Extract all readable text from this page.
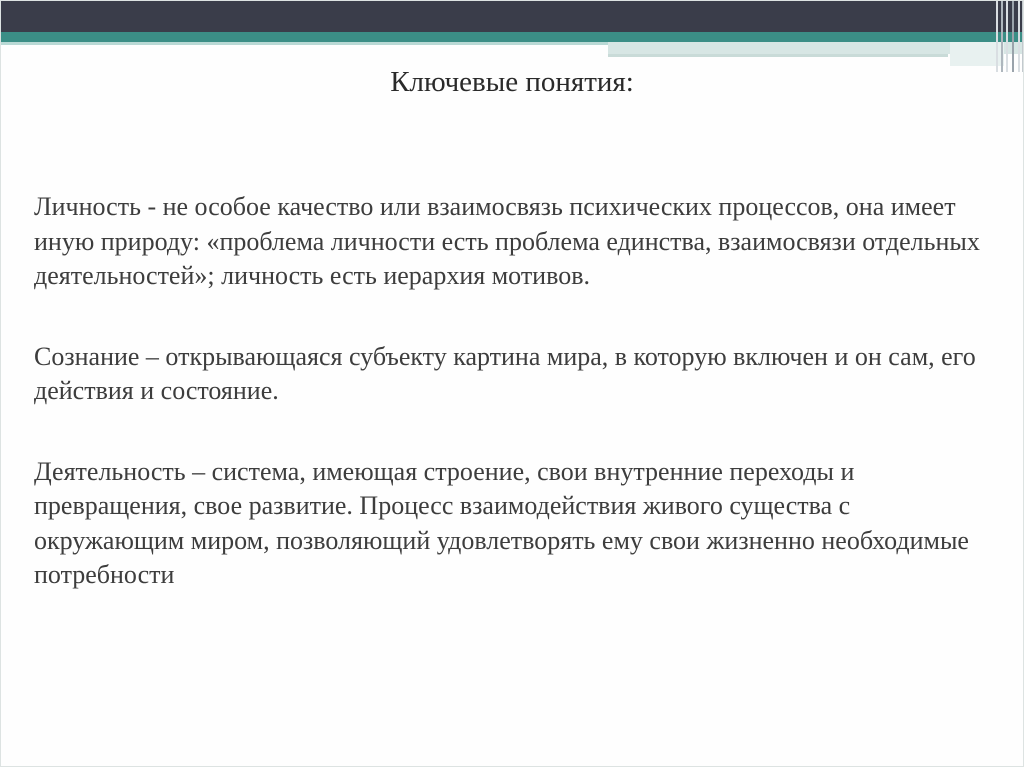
Ключевые понятия:

Личность - не особое качество или взаимосвязь психических процессов, она имеет иную природу: «проблема личности есть проблема единства, взаимосвязи отдельных деятельностей»; личность есть иерархия мотивов.

Сознание – открывающаяся субъекту картина мира, в которую включен и он сам, его действия и состояние.

Деятельность – система, имеющая строение, свои внутренние переходы и превращения, свое развитие. Процесс взаимодействия живого существа с окружающим миром, позволяющий удовлетворять ему свои жизненно необходимые потребности
